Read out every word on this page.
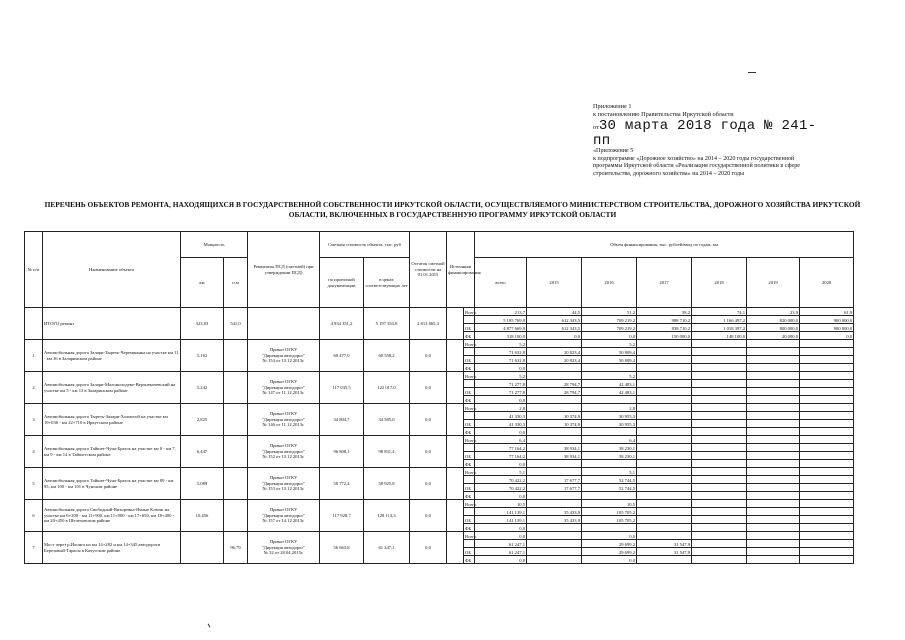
Приложение 1
к постановлению Правительства Иркутской области
от30 марта 2018 года № 241-пп
«Приложение 5
к подпрограмме «Дорожное хозяйство» на 2014 – 2020 годы государственной
программы Иркутской области «Реализация государственной политики в сфере
строительства, дорожного хозяйства» на 2014 – 2020 годы
ПЕРЕЧЕНЬ ОБЪЕКТОВ РЕМОНТА, НАХОДЯЩИХСЯ В ГОСУДАРСТВЕННОЙ СОБСТВЕННОСТИ ИРКУТСКОЙ ОБЛАСТИ, ОСУЩЕСТВЛЯЕМОГО МИНИСТЕРСТВОМ СТРОИТЕЛЬСТВА, ДОРОЖНОГО ХОЗЯЙСТВА ИРКУТСКОЙ
ОБЛАСТИ, ВКЛЮЧЕННЫХ В ГОСУДАРСТВЕННУЮ ПРОГРАММУ ИРКУТСКОЙ ОБЛАСТИ
№ п/п	Наименование объекта	Мощность		Реквизиты ПСД (сметной) при утверждении ПСД)	Сметная стоимость объекта, тыс. руб		Остаток сметной стоимости на 01.01.2015	Источники финансирования		Объем финансирования, тыс. рублей/ввод по годам, км						
		км	п.м		по проектной документации	в ценах соответствующих лет				всего	2015	2016	2017	2018	2019	2020
	ИТОГО ремонт	323,03	541,0		4 934 351,2	5 197 353,8	2 813 665,3		Всего	213,7	44,5	51,2	58,2	74,1	23,9	61,9
										5 195 769,9	612 343,5	709 219,2	988 710,2	1 166 497,2	820 000,0	900 000,0
									ОБ	4 877 669,9	612 343,5	709 219,2	838 710,2	1 018 397,2	800 000,0	900 000,0
									ФБ	318 100,0	0,0	0,0	150 000,0	148 100,0	20 000,0	0,0
1	Автомобильная дорога Залари-Тыреть-Черемшанка на участке км 11 - км 16 в Заларинском районе	5,162		Приказ ОГКУ
"Дирекция автодорог"
№ 154 от 13.12.2013г.	60 477,0	60 558,2	0,0		Всего	5,2		5,2				
										71 632,8	20 823,4	50 809,4				
									ОБ	71 632,8	20 823,4	50 809,4				
									ФБ	0,0						
2	Автомобильная дорога Залари-Маломолодево-Верхнекочевский на участке км 5 - км 13 в Заларинском районе	5,242		Приказ ОГКУ
"Дирекция автодорог"
№ 147 от 11.12.2013г.	117 035,5	122 017,0	0,0		Всего	5,2		5,2				
										71 277,8	28 794,7	42 483,1				
									ОБ	71 277,8	28 794,7	42 483,1				
									ФБ	0,0						
3	Автомобильная дорога Тыреть-Залари-Холмогой на участке км 19+036 - км 22+710 в Иркутском районе	2,825		Приказ ОГКУ
"Дирекция автодорог"
№ 146 от 11.12.2013г.	34 804,7	34 585,0	0,0		Всего	2,8		2,8				
										41 330,3	10 374,9	30 955,3				
									ОБ	41 330,3	10 374,9	30 955,3				
									ФБ	0,0						
4	Автомобильная дорога Тайшет-Чуна-Братск на участке км 0 - км 7, км 9 - км 14 в Тайшетском районе	6,447		Приказ ОГКУ
"Дирекция автодорог"
№ 152 от 13.12.2013г.	96 808,1	98 831,4	0,0		Всего	6,4		6,4				
										77 164,2	38 934,1	38 230,1				
									ОБ	77 164,2	38 934,1	38 230,1				
									ФБ	0,0						
5	Автомобильная дорога Тайшет-Чуна-Братск на участке км 89 - км 95, км 100 - км 101 в Чунском районе	5,089		Приказ ОГКУ
"Дирекция автодорог"
№ 153 от 13.12.2013г.	58 772,4	58 925,8	0,0		Всего	5,1		5,1				
										70 422,2	17 677,7	52 744,5				
									ОБ	70 422,2	17 677,7	52 744,5				
									ФБ	0,0						
6	Автомобильная дорога Свободный-Вихоревка-Ячные Ключи на участке км 6+200 - км 11+900, км 11+900 - км 17+650, км 18+400 - км 20+450 в Шелеховском районе	10,456		Приказ ОГКУ
"Дирекция автодорог"
№ 157 от 14.12.2013г.	117 928,7	128 113,3	0,0		Всего	10,5		10,5				
										141 139,1	35 433,9	105 705,2				
									ОБ	141 139,1	35 433,9	105 705,2				
									ФБ	0,0						
7	Мост через р.Илонга на км 14+282 и км 14+345 автодороги Березовый-Тарасы в Качугском районе		96,79	Приказ ОГКУ
"Дирекция автодорог"
№ 32 от 28.04.2015г.	56 663,8	61 247,1	0,0		Всего	0,0		0,0				
										61 247,1		29 699,2	31 547,9			
									ОБ	61 247,1		29 699,2	31 547,9			
									ФБ	0,0		0,0				
